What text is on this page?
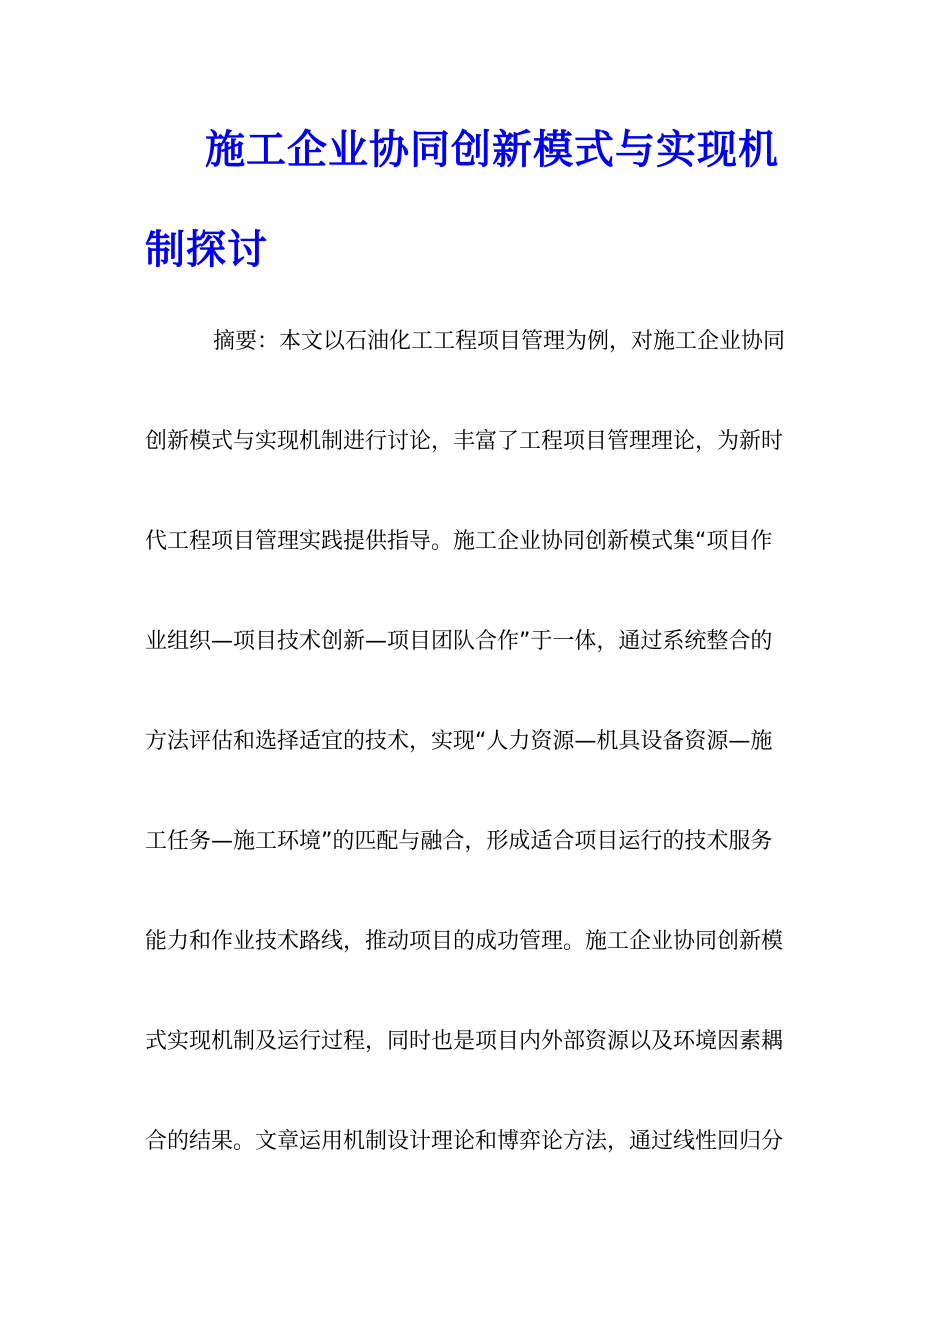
施工企业协同创新模式与实现机
制探讨
摘要：本文以石油化工工程项目管理为例，对施工企业协同
创新模式与实现机制进行讨论，丰富了工程项目管理理论，为新时
代工程项目管理实践提供指导。施工企业协同创新模式集“项目作
业组织—项目技术创新—项目团队合作”于一体，通过系统整合的
方法评估和选择适宜的技术，实现“人力资源—机具设备资源—施
工任务—施工环境”的匹配与融合，形成适合项目运行的技术服务
能力和作业技术路线，推动项目的成功管理。施工企业协同创新模
式实现机制及运行过程，同时也是项目内外部资源以及环境因素耦
合的结果。文章运用机制设计理论和博弈论方法，通过线性回归分
